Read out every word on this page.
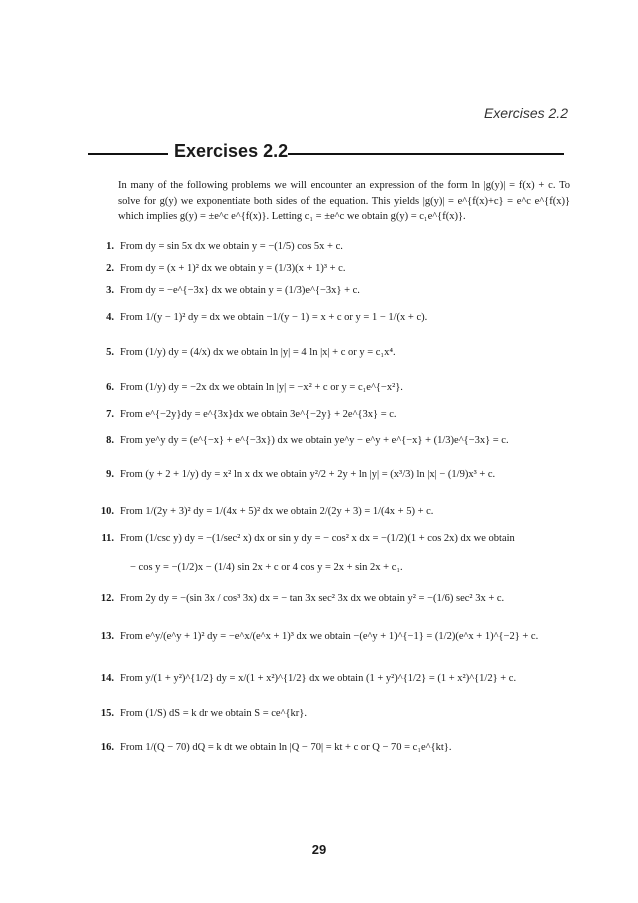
Exercises 2.2
Exercises 2.2

In many of the following problems we will encounter an expression of the form ln |g(y)| = f(x) + c. To solve for g(y) we exponentiate both sides of the equation. This yields |g(y)| = e^{f(x)+c} = e^c e^{f(x)} which implies g(y) = ±e^c e^{f(x)}. Letting c₁ = ±e^c we obtain g(y) = c₁e^{f(x)}.

1. From dy = sin 5x dx we obtain y = −(1/5) cos 5x + c.
2. From dy = (x + 1)² dx we obtain y = (1/3)(x + 1)³ + c.
3. From dy = −e^{−3x} dx we obtain y = (1/3)e^{−3x} + c.
4. From 1/(y − 1)² dy = dx we obtain −1/(y − 1) = x + c or y = 1 − 1/(x + c).
5. From (1/y) dy = (4/x) dx we obtain ln |y| = 4 ln |x| + c or y = c₁x⁴.
6. From (1/y) dy = −2x dx we obtain ln |y| = −x² + c or y = c₁e^{−x²}.
7. From e^{−2y}dy = e^{3x}dx we obtain 3e^{−2y} + 2e^{3x} = c.
8. From ye^y dy = (e^{−x} + e^{−3x}) dx we obtain ye^y − e^y + e^{−x} + (1/3)e^{−3x} = c.
9. From (y + 2 + 1/y) dy = x² ln x dx we obtain y²/2 + 2y + ln |y| = (x³/3) ln |x| − (1/9)x³ + c.
10. From 1/(2y + 3)² dy = 1/(4x + 5)² dx we obtain 2/(2y + 3) = 1/(4x + 5) + c.
11. From (1/csc y) dy = −(1/sec² x) dx or sin y dy = − cos² x dx = −(1/2)(1 + cos 2x) dx we obtain
− cos y = −(1/2)x − (1/4) sin 2x + c or 4 cos y = 2x + sin 2x + c₁.
12. From 2y dy = −(sin 3x / cos³ 3x) dx = − tan 3x sec² 3x dx we obtain y² = −(1/6) sec² 3x + c.
13. From e^y/(e^y + 1)² dy = −e^x/(e^x + 1)³ dx we obtain −(e^y + 1)^{−1} = (1/2)(e^x + 1)^{−2} + c.
14. From y/(1 + y²)^{1/2} dy = x/(1 + x²)^{1/2} dx we obtain (1 + y²)^{1/2} = (1 + x²)^{1/2} + c.
15. From (1/S) dS = k dr we obtain S = ce^{kr}.
16. From 1/(Q − 70) dQ = k dt we obtain ln |Q − 70| = kt + c or Q − 70 = c₁e^{kt}.
29
